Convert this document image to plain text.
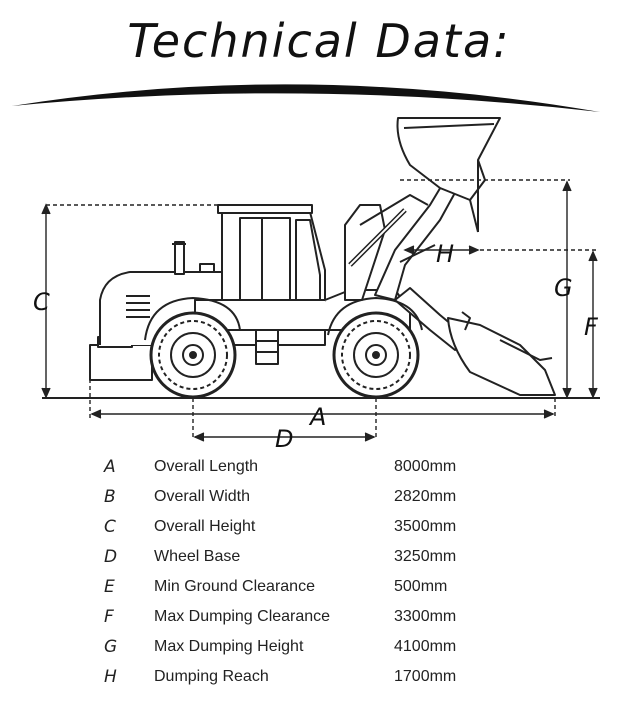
Technical Data:
C	G
F
H
A
D
A	Overall Length	8000mm
B	Overall Width	2820mm
C	Overall Height	3500mm
D	Wheel Base	3250mm
E	Min Ground Clearance	500mm
F	Max Dumping Clearance	3300mm
G	Max Dumping Height	4100mm
H	Dumping Reach	1700mm
